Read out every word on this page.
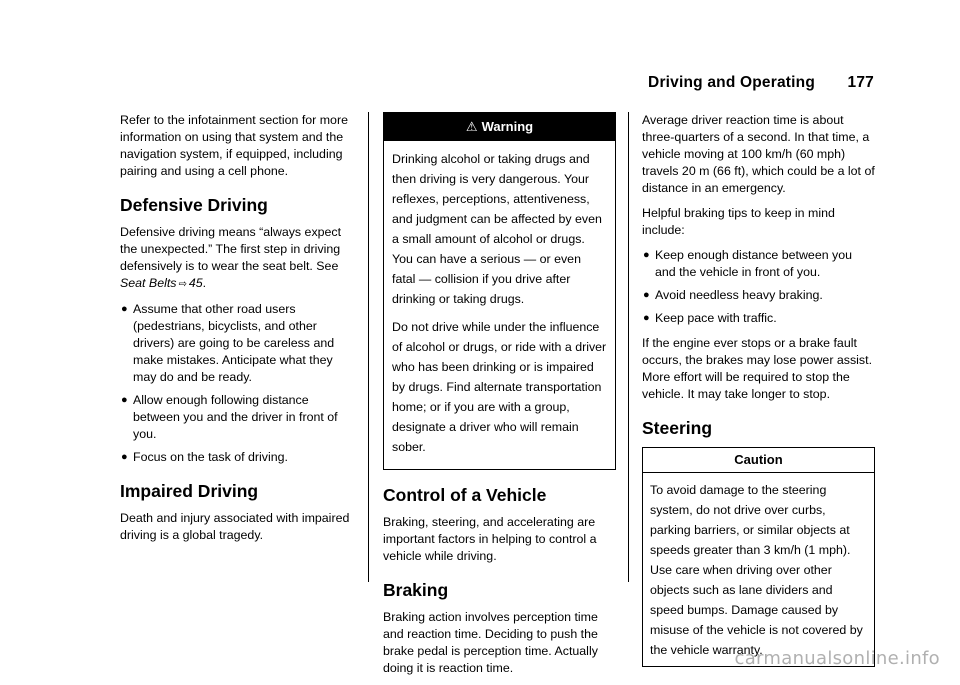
Driving and Operating 177

Refer to the infotainment section for more information on using that system and the navigation system, if equipped, including pairing and using a cell phone.

Defensive Driving

Defensive driving means “always expect the unexpected.” The first step in driving defensively is to wear the seat belt. See Seat Belts ⇨ 45.

● Assume that other road users (pedestrians, bicyclists, and other drivers) are going to be careless and make mistakes. Anticipate what they may do and be ready.
● Allow enough following distance between you and the driver in front of you.
● Focus on the task of driving.
Impaired Driving

Death and injury associated with impaired driving is a global tragedy.

⚠ Warning

Drinking alcohol or taking drugs and then driving is very dangerous. Your reflexes, perceptions, attentiveness, and judgment can be affected by even a small amount of alcohol or drugs. You can have a serious — or even fatal — collision if you drive after drinking or taking drugs.

Do not drive while under the influence of alcohol or drugs, or ride with a driver who has been drinking or is impaired by drugs. Find alternate transportation home; or if you are with a group, designate a driver who will remain sober.

Control of a Vehicle

Braking, steering, and accelerating are important factors in helping to control a vehicle while driving.

Braking

Braking action involves perception time and reaction time. Deciding to push the brake pedal is perception time. Actually doing it is reaction time.

Average driver reaction time is about three-quarters of a second. In that time, a vehicle moving at 100 km/h (60 mph) travels 20 m (66 ft), which could be a lot of distance in an emergency.

Helpful braking tips to keep in mind include:

● Keep enough distance between you and the vehicle in front of you.
● Avoid needless heavy braking.
● Keep pace with traffic.

If the engine ever stops or a brake fault occurs, the brakes may lose power assist. More effort will be required to stop the vehicle. It may take longer to stop.

Steering
Caution
To avoid damage to the steering system, do not drive over curbs, parking barriers, or similar objects at speeds greater than 3 km/h (1 mph). Use care when driving over other objects such as lane dividers and speed bumps. Damage caused by misuse of the vehicle is not covered by the vehicle warranty.
carmanualsonline.info
